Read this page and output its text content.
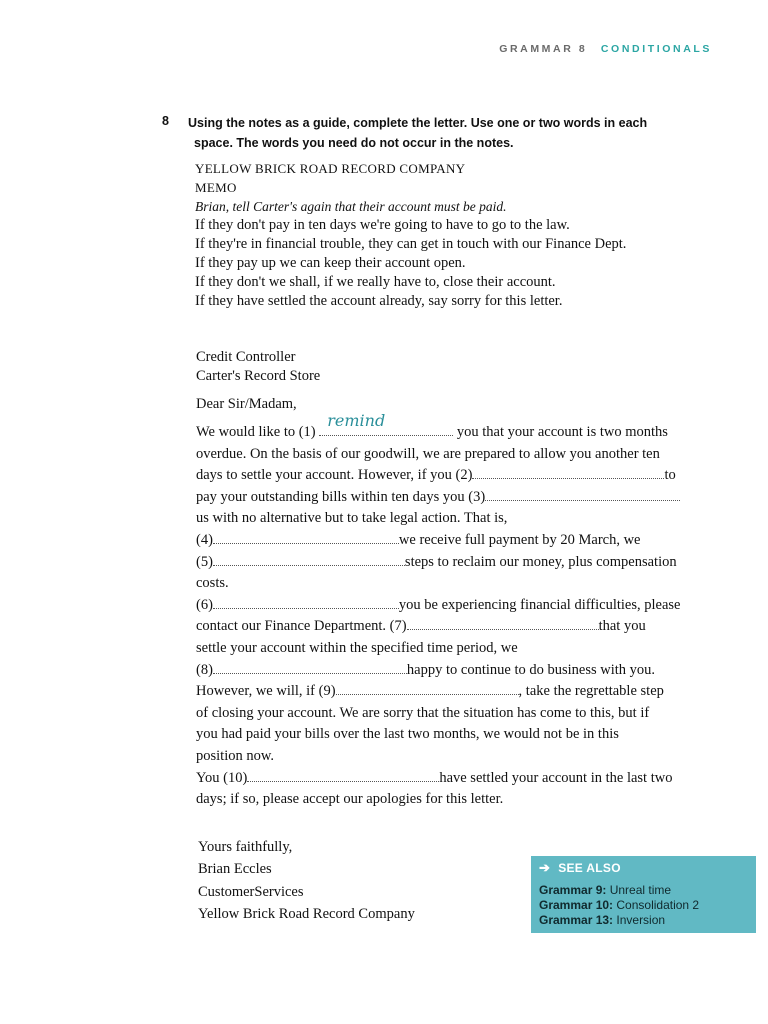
GRAMMAR 8 CONDITIONALS
8 Using the notes as a guide, complete the letter. Use one or two words in each
space. The words you need do not occur in the notes.
YELLOW BRICK ROAD RECORD COMPANY
MEMO
Brian, tell Carter's again that their account must be paid.
If they don't pay in ten days we're going to have to go to the law.
If they're in financial trouble, they can get in touch with our Finance Dept.
If they pay up we can keep their account open.
If they don't we shall, if we really have to, close their account.
If they have settled the account already, say sorry for this letter.
Credit Controller
Carter's Record Store
Dear Sir/Madam,
We would like to (1)
remind
you that your account is two months
overdue. On the basis of our goodwill, we are prepared to allow you another ten
days to settle your account. However, if you (2)	to
pay your outstanding bills within ten days you (3)
us with no alternative but to take legal action. That is,
(4)	we receive full payment by 20 March, we
(5)	steps to reclaim our money, plus compensation
costs.
(6)	you be experiencing financial difficulties, please
contact our Finance Department. (7)	that you
settle your account within the specified time period, we
(8)	happy to continue to do business with you.
However, we will, if (9)	, take the regrettable step
of closing your account. We are sorry that the situation has come to this, but if
you had paid your bills over the last two months, we would not be in this
position now.
You (10)	have settled your account in the last two
days; if so, please accept our apologies for this letter.
Yours faithfully,
Brian Eccles
CustomerServices
Yellow Brick Road Record Company
➔ SEE ALSO
Grammar 9: Unreal time
Grammar 10: Consolidation 2
Grammar 13: Inversion
